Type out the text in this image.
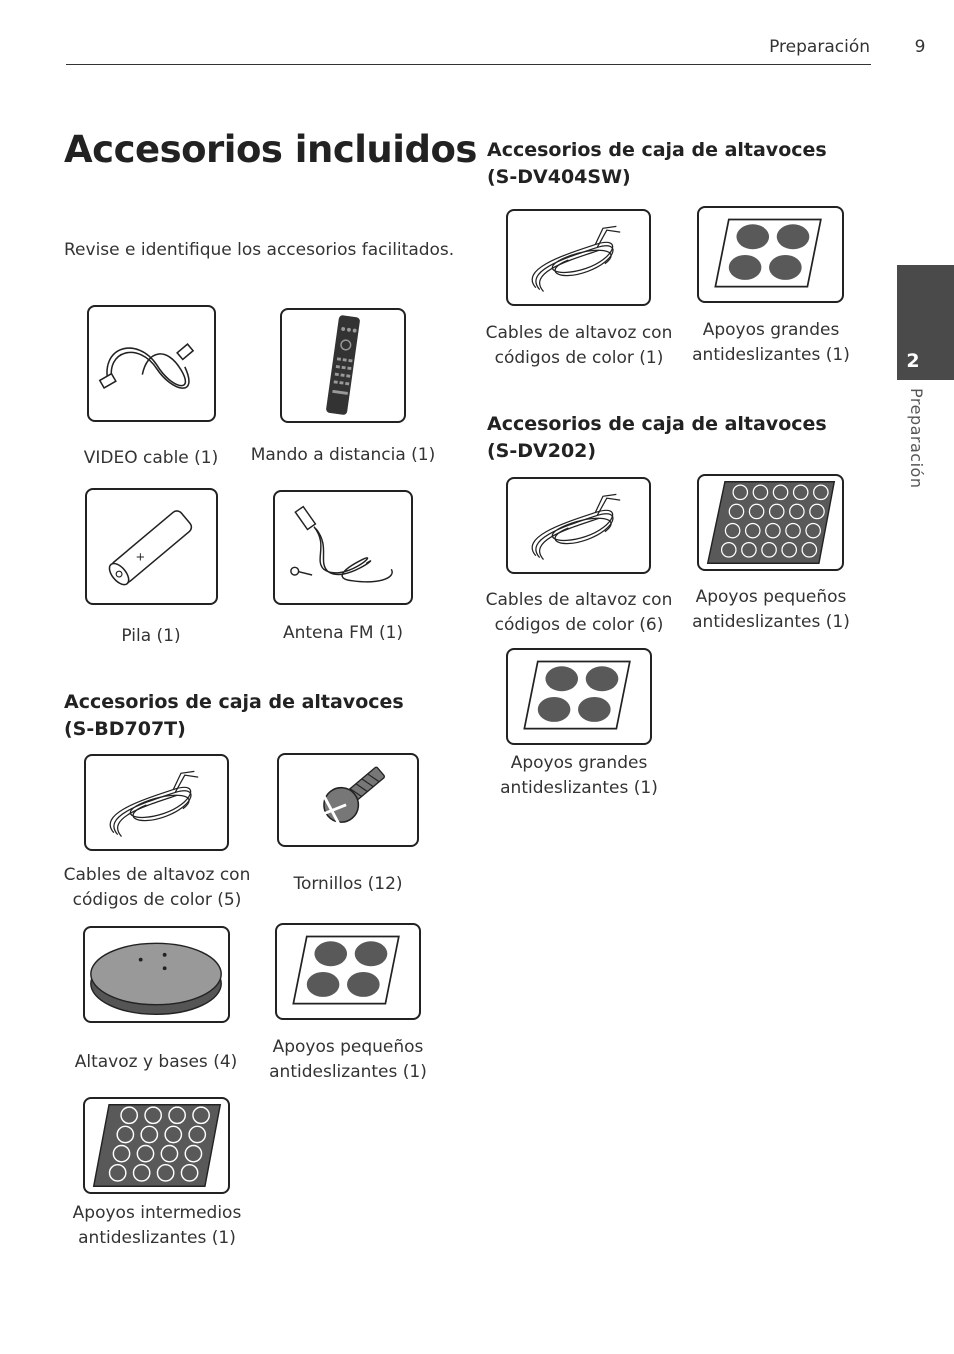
Preparación	9
2
Preparación
Accesorios incluidos
Revise e identifique los accesorios facilitados.
VIDEO cable (1)	Mando a distancia (1)
+
Pila (1)	Antena FM (1)
Accesorios de caja de altavoces
(S-BD707T)
Cables de altavoz con
códigos de color (5)
Tornillos (12)
Altavoz y bases (4)
Apoyos pequeños
antideslizantes (1)
Apoyos intermedios
antideslizantes (1)
Accesorios de caja de altavoces
(S-DV404SW)
Cables de altavoz con
códigos de color (1)
Apoyos grandes
antideslizantes (1)
Accesorios de caja de altavoces
(S-DV202)
Cables de altavoz con
códigos de color (6)
Apoyos pequeños
antideslizantes (1)
Apoyos grandes
antideslizantes (1)
